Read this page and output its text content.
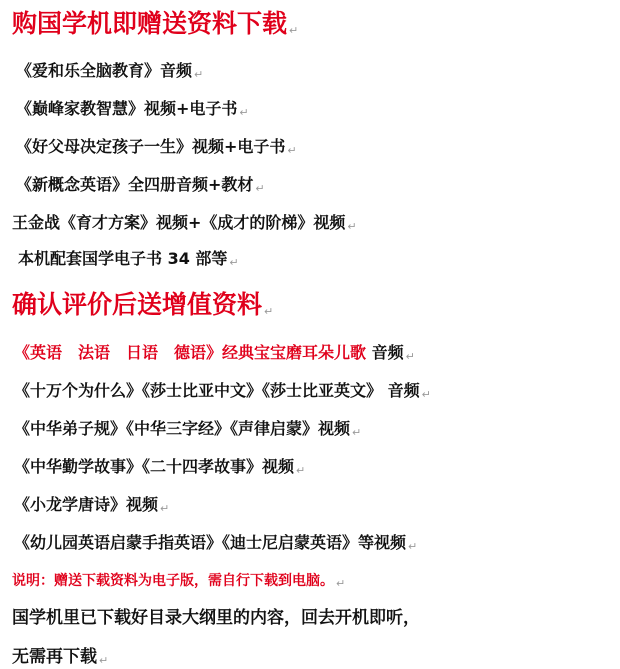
购国学机即赠送资料下载 ↵
《爱和乐全脑教育》音频 ↵
《巅峰家教智慧》视频+电子书 ↵
《好父母决定孩子一生》视频+电子书 ↵
《新概念英语》全四册音频+教材 ↵
王金战《育才方案》视频+《成才的阶梯》视频 ↵
本机配套国学电子书 34 部等 ↵
确认评价后送增值资料 ↵
《英语　法语　日语　德语》经典宝宝磨耳朵儿歌 音频 ↵
《十万个为什么》《莎士比亚中文》《莎士比亚英文》 音频 ↵
《中华弟子规》《中华三字经》《声律启蒙》视频 ↵
《中华勤学故事》《二十四孝故事》视频 ↵
《小龙学唐诗》视频 ↵
《幼儿园英语启蒙手指英语》《迪士尼启蒙英语》等视频 ↵
说明：赠送下载资料为电子版，需自行下载到电脑。 ↵
国学机里已下载好目录大纲里的内容，回去开机即听，
无需再下载 ↵
